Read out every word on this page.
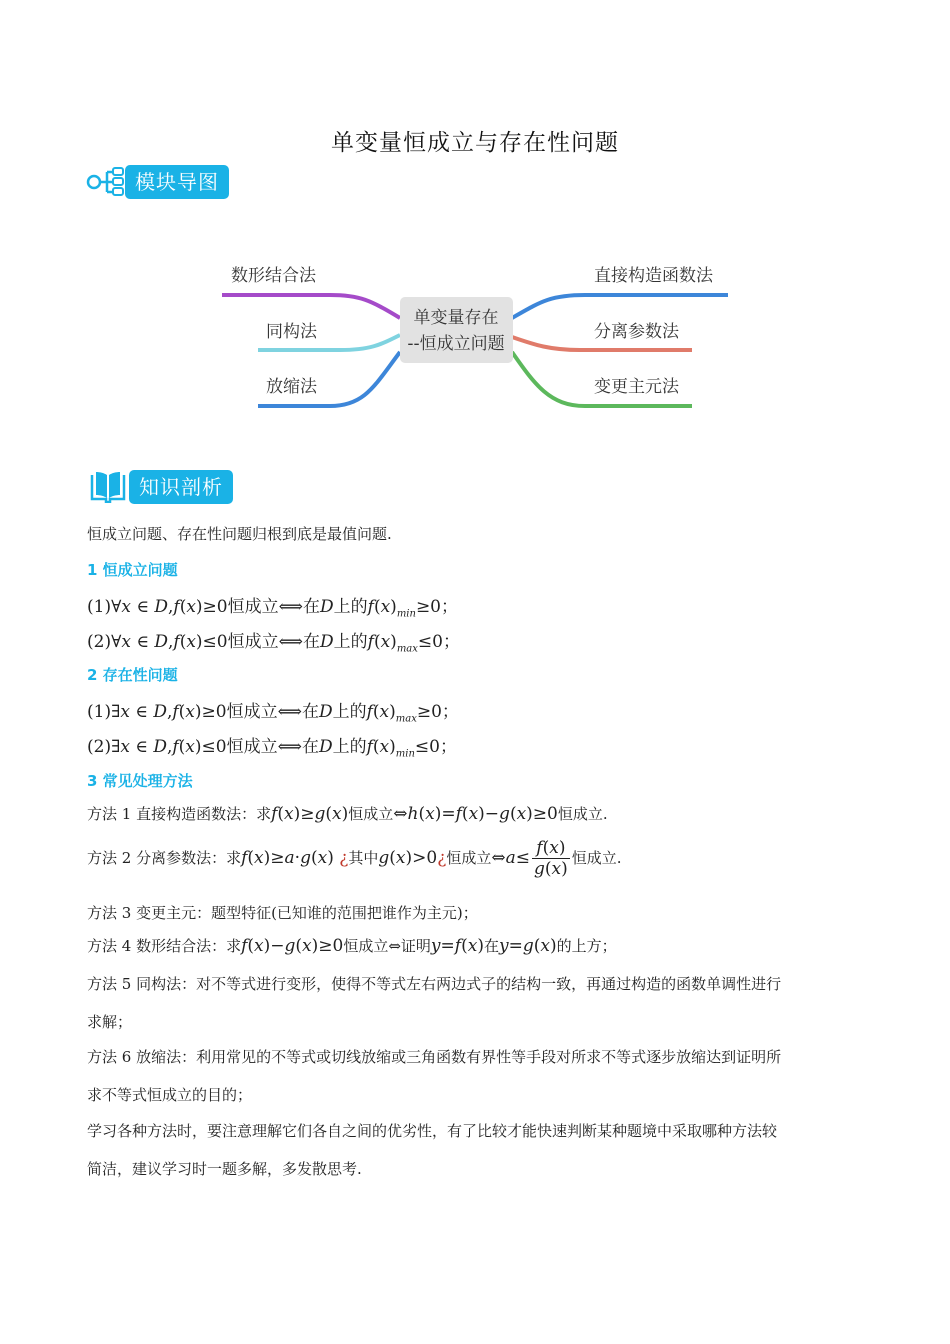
单变量恒成立与存在性问题
模块导图
单变量存在
--恒成立问题
数形结合法
同构法
放缩法
直接构造函数法
分离参数法
变更主元法
知识剖析
恒成立问题、存在性问题归根到底是最值问题.
1 恒成立问题
(1)∀x ∈ D,f(x)≥0恒成立⟺在D上的$f(x)_{min}\ge 0$；
(2)∀x ∈ D,f(x)≤0恒成立⟺在D上的$f(x)_{max}\le 0$；
2 存在性问题
(1)∃x ∈ D,f(x)≥0恒成立⟺在D上的$f(x)_{max}\ge 0$；
(2)∃x ∈ D,f(x)≤0恒成立⟺在D上的$f(x)_{min}\le 0$；
3 常见处理方法
方法 1 直接构造函数法：求f(x)≥g(x)恒成立⇔h(x)=f(x)−g(x)≥0恒成立.
方法 2 分离参数法：求f(x)≥a·g(x) ¿其中g(x)>0¿恒成立⇔a≤ $\frac{f(x)}{g(x)}$ 恒成立.
方法 3 变更主元：题型特征(已知谁的范围把谁作为主元)；
方法 4 数形结合法：求f(x)−g(x)≥0恒成立⇔证明y=f(x)在y=g(x)的上方；
方法 5 同构法：对不等式进行变形，使得不等式左右两边式子的结构一致，再通过构造的函数单调性进行
求解；
方法 6 放缩法：利用常见的不等式或切线放缩或三角函数有界性等手段对所求不等式逐步放缩达到证明所
求不等式恒成立的目的；
学习各种方法时，要注意理解它们各自之间的优劣性，有了比较才能快速判断某种题境中采取哪种方法较
简洁，建议学习时一题多解，多发散思考.
